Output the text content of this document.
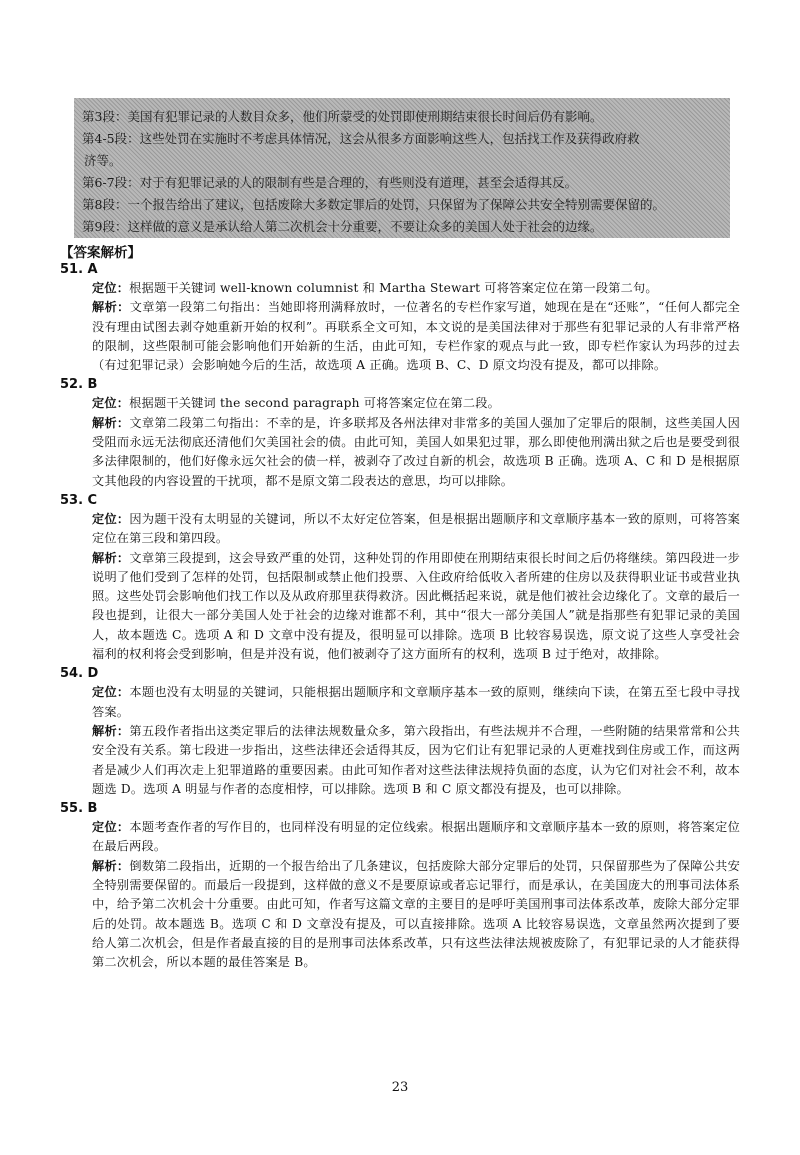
第3段：美国有犯罪记录的人数目众多，他们所蒙受的处罚即使刑期结束很长时间后仍有影响。
第4-5段：这些处罚在实施时不考虑具体情况，这会从很多方面影响这些人，包括找工作及获得政府救
济等。
第6-7段：对于有犯罪记录的人的限制有些是合理的，有些则没有道理，甚至会适得其反。
第8段：一个报告给出了建议，包括废除大多数定罪后的处罚，只保留为了保障公共安全特别需要保留的。
第9段：这样做的意义是承认给人第二次机会十分重要，不要让众多的美国人处于社会的边缘。
【答案解析】
51. A
定位：根据题干关键词 well-known columnist 和 Martha Stewart 可将答案定位在第一段第二句。
解析：文章第一段第二句指出：当她即将刑满释放时，一位著名的专栏作家写道，她现在是在“还账”，“任何人都完全没有理由试图去剥夺她重新开始的权利”。再联系全文可知，本文说的是美国法律对于那些有犯罪记录的人有非常严格的限制，这些限制可能会影响他们开始新的生活，由此可知，专栏作家的观点与此一致，即专栏作家认为玛莎的过去（有过犯罪记录）会影响她今后的生活，故选项 A 正确。选项 B、C、D 原文均没有提及，都可以排除。
52. B
定位：根据题干关键词 the second paragraph 可将答案定位在第二段。
解析：文章第二段第二句指出：不幸的是，许多联邦及各州法律对非常多的美国人强加了定罪后的限制，这些美国人因受阻而永远无法彻底还清他们欠美国社会的债。由此可知，美国人如果犯过罪，那么即使他刑满出狱之后也是要受到很多法律限制的，他们好像永远欠社会的债一样，被剥夺了改过自新的机会，故选项 B 正确。选项 A、C 和 D 是根据原文其他段的内容设置的干扰项，都不是原文第二段表达的意思，均可以排除。
53. C
定位：因为题干没有太明显的关键词，所以不太好定位答案，但是根据出题顺序和文章顺序基本一致的原则，可将答案定位在第三段和第四段。
解析：文章第三段提到，这会导致严重的处罚，这种处罚的作用即使在刑期结束很长时间之后仍将继续。第四段进一步说明了他们受到了怎样的处罚，包括限制或禁止他们投票、入住政府给低收入者所建的住房以及获得职业证书或营业执照。这些处罚会影响他们找工作以及从政府那里获得救济。因此概括起来说，就是他们被社会边缘化了。文章的最后一段也提到，让很大一部分美国人处于社会的边缘对谁都不利，其中“很大一部分美国人”就是指那些有犯罪记录的美国人，故本题选 C。选项 A 和 D 文章中没有提及，很明显可以排除。选项 B 比较容易误选，原文说了这些人享受社会福利的权利将会受到影响，但是并没有说，他们被剥夺了这方面所有的权利，选项 B 过于绝对，故排除。
54. D
定位：本题也没有太明显的关键词，只能根据出题顺序和文章顺序基本一致的原则，继续向下读，在第五至七段中寻找答案。
解析：第五段作者指出这类定罪后的法律法规数量众多，第六段指出，有些法规并不合理，一些附随的结果常常和公共安全没有关系。第七段进一步指出，这些法律还会适得其反，因为它们让有犯罪记录的人更难找到住房或工作，而这两者是减少人们再次走上犯罪道路的重要因素。由此可知作者对这些法律法规持负面的态度，认为它们对社会不利，故本题选 D。选项 A 明显与作者的态度相悖，可以排除。选项 B 和 C 原文都没有提及，也可以排除。
55. B
定位：本题考查作者的写作目的，也同样没有明显的定位线索。根据出题顺序和文章顺序基本一致的原则，将答案定位在最后两段。
解析：倒数第二段指出，近期的一个报告给出了几条建议，包括废除大部分定罪后的处罚，只保留那些为了保障公共安全特别需要保留的。而最后一段提到，这样做的意义不是要原谅或者忘记罪行，而是承认，在美国庞大的刑事司法体系中，给予第二次机会十分重要。由此可知，作者写这篇文章的主要目的是呼吁美国刑事司法体系改革，废除大部分定罪后的处罚。故本题选 B。选项 C 和 D 文章没有提及，可以直接排除。选项 A 比较容易误选，文章虽然两次提到了要给人第二次机会，但是作者最直接的目的是刑事司法体系改革，只有这些法律法规被废除了，有犯罪记录的人才能获得第二次机会，所以本题的最佳答案是 B。
23
